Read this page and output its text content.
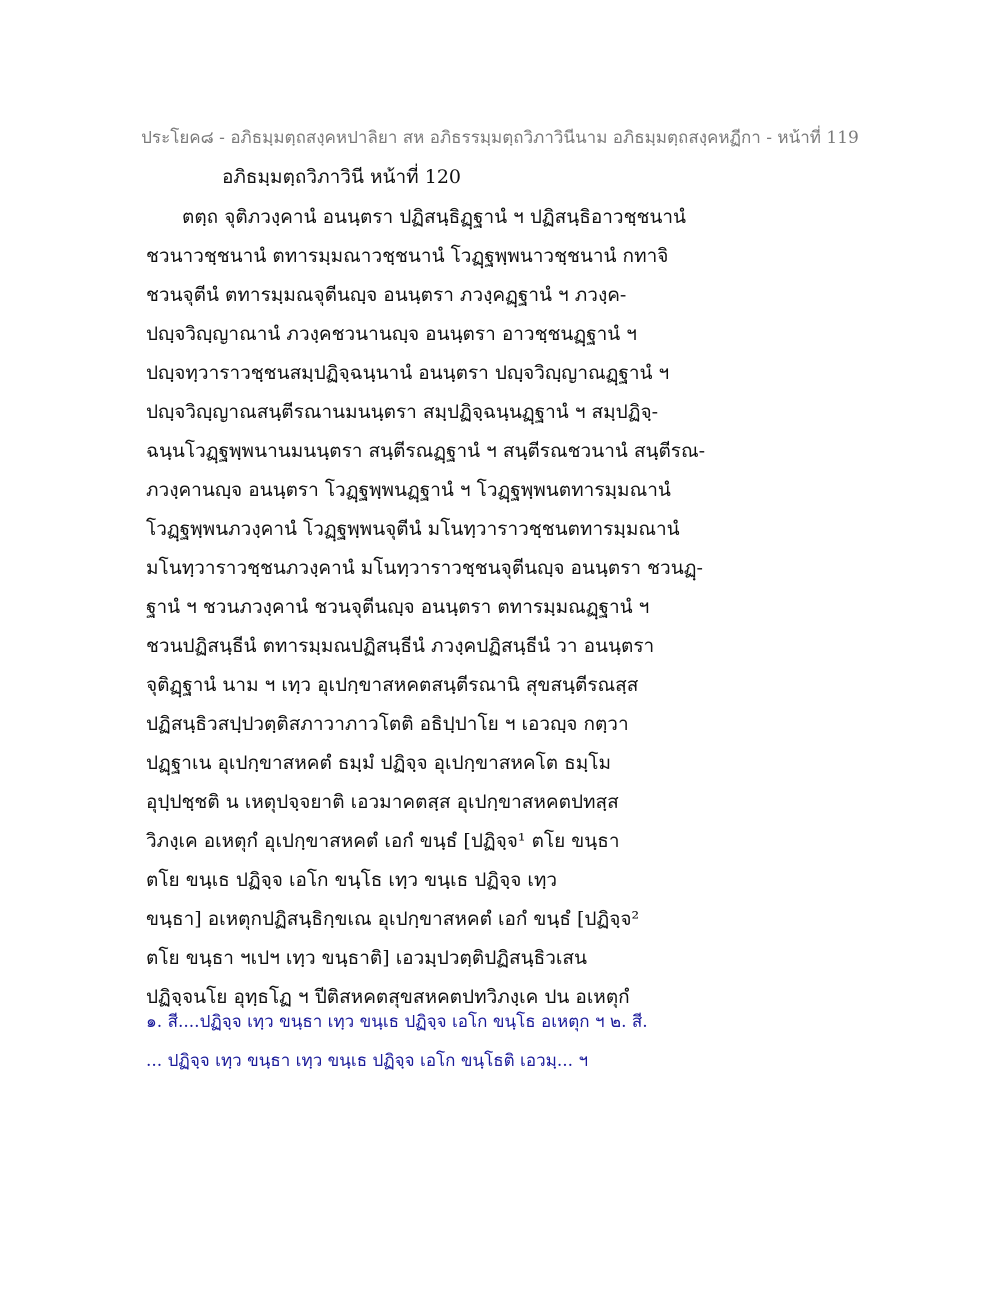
ประโยค๘ - อภิธมฺมตฺถสงฺคหปาลิยา สห อภิธรรมฺมตฺถวิภาวินีนาม อภิธมฺมตฺถสงฺคหฏีกา - หน้าที่ 119
อภิธมฺมตฺถวิภาวินี หน้าที่ 120
ตตฺถ จุติภวงฺคานํ อนนฺตรา ปฏิสนฺธิฏฺฐานํ ฯ ปฏิสนฺธิอาวชฺชนานํ
ชวนาวชฺชนานํ ตทารมฺมณาวชฺชนานํ โวฏฺฐพฺพนาวชฺชนานํ กทาจิ
ชวนจุตีนํ ตทารมฺมณจุตีนญฺจ อนนฺตรา ภวงฺคฏฺฐานํ ฯ ภวงฺค-
ปญฺจวิญฺญาณานํ ภวงฺคชวนานญฺจ อนนฺตรา อาวชฺชนฏฺฐานํ ฯ
ปญฺจทฺวาราวชฺชนสมฺปฏิจฺฉนฺนานํ อนนฺตรา ปญฺจวิญฺญาณฏฺฐานํ ฯ
ปญฺจวิญฺญาณสนฺตีรณานมนนฺตรา สมฺปฏิจฺฉนฺนฏฺฐานํ ฯ สมฺปฏิจฺ-
ฉนฺนโวฏฺฐพฺพนานมนนฺตรา สนฺตีรณฏฺฐานํ ฯ สนฺตีรณชวนานํ สนฺตีรณ-
ภวงฺคานญฺจ อนนฺตรา โวฏฺฐพฺพนฏฺฐานํ ฯ โวฏฺฐพฺพนตทารมฺมณานํ
โวฏฺฐพฺพนภวงฺคานํ โวฏฺฐพฺพนจุตีนํ มโนทฺวาราวชฺชนตทารมฺมณานํ
มโนทฺวาราวชฺชนภวงฺคานํ มโนทฺวาราวชฺชนจุตีนญฺจ อนนฺตรา ชวนฏฺ-
ฐานํ ฯ ชวนภวงฺคานํ ชวนจุตีนญฺจ อนนฺตรา ตทารมฺมณฏฺฐานํ ฯ
ชวนปฏิสนฺธีนํ ตทารมฺมณปฏิสนฺธีนํ ภวงฺคปฏิสนฺธีนํ วา อนนฺตรา
จุติฏฺฐานํ นาม ฯ เทฺว อุเปกฺขาสหคตสนฺตีรณานิ สุขสนฺตีรณสฺส
ปฏิสนฺธิวสปฺปวตฺติสภาวาภาวโตติ อธิปฺปาโย ฯ เอวญฺจ กตฺวา
ปฏฺฐาเน อุเปกฺขาสหคตํ ธมฺมํ ปฏิจฺจ อุเปกฺขาสหคโต ธมฺโม
อุปฺปชฺชติ น เหตุปจฺจยาติ เอวมาคตสฺส อุเปกฺขาสหคตปทสฺส
วิภงฺเค อเหตุกํ อุเปกฺขาสหคตํ เอกํ ขนฺธํ [ปฏิจฺจ¹ ตโย ขนฺธา
ตโย ขนฺเธ ปฏิจฺจ เอโก ขนฺโธ เทฺว ขนฺเธ ปฏิจฺจ เทฺว
ขนฺธา] อเหตุกปฏิสนฺธิกฺขเณ อุเปกฺขาสหคตํ เอกํ ขนฺธํ [ปฏิจฺจ²
ตโย ขนฺธา ฯเปฯ เทฺว ขนฺธาติ] เอวมฺปวตฺติปฏิสนฺธิวเสน
ปฏิจฺจนโย อุทฺธโฏ ฯ ปีติสหคตสุขสหคตปทวิภงฺเค ปน อเหตุกํ
๑. สี....ปฏิจฺจ เทฺว ขนฺธา เทฺว ขนฺเธ ปฏิจฺจ เอโก ขนฺโธ อเหตุก ฯ ๒. สี.
... ปฏิจฺจ เทฺว ขนฺธา เทฺว ขนฺเธ ปฏิจฺจ เอโก ขนฺโธติ เอวมฺ... ฯ
